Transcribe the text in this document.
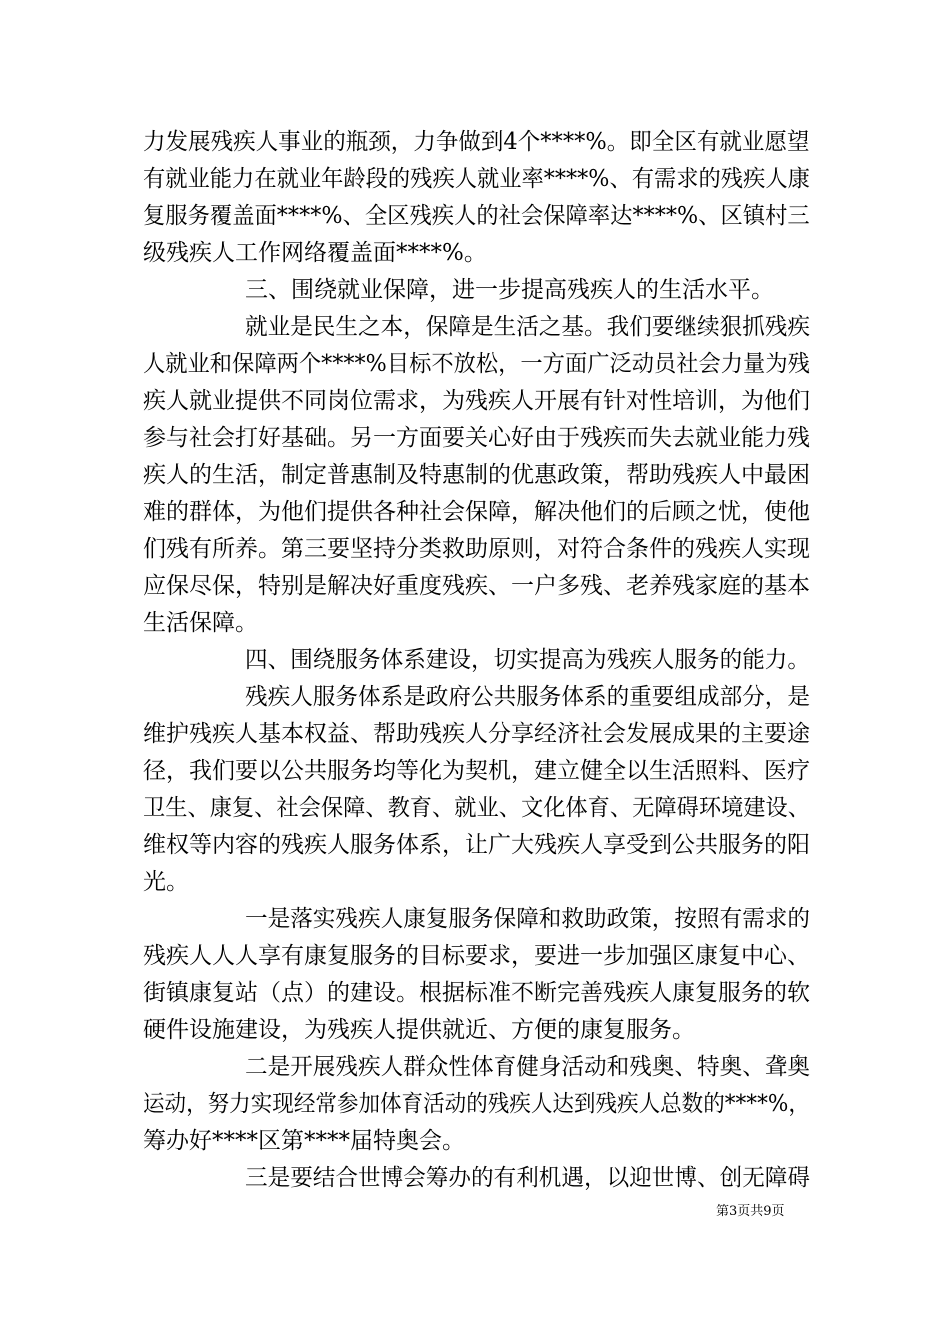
力发展残疾人事业的瓶颈，力争做到4个****%。即全区有就业愿望
有就业能力在就业年龄段的残疾人就业率****%、有需求的残疾人康
复服务覆盖面****%、全区残疾人的社会保障率达****%、区镇村三
级残疾人工作网络覆盖面****%。
三、围绕就业保障，进一步提高残疾人的生活水平。
就业是民生之本，保障是生活之基。我们要继续狠抓残疾
人就业和保障两个****%目标不放松，一方面广泛动员社会力量为残
疾人就业提供不同岗位需求，为残疾人开展有针对性培训，为他们
参与社会打好基础。另一方面要关心好由于残疾而失去就业能力残
疾人的生活，制定普惠制及特惠制的优惠政策，帮助残疾人中最困
难的群体，为他们提供各种社会保障，解决他们的后顾之忧，使他
们残有所养。第三要坚持分类救助原则，对符合条件的残疾人实现
应保尽保，特别是解决好重度残疾、一户多残、老养残家庭的基本
生活保障。
四、围绕服务体系建设，切实提高为残疾人服务的能力。
残疾人服务体系是政府公共服务体系的重要组成部分，是
维护残疾人基本权益、帮助残疾人分享经济社会发展成果的主要途
径，我们要以公共服务均等化为契机，建立健全以生活照料、医疗
卫生、康复、社会保障、教育、就业、文化体育、无障碍环境建设、
维权等内容的残疾人服务体系，让广大残疾人享受到公共服务的阳
光。
一是落实残疾人康复服务保障和救助政策，按照有需求的
残疾人人人享有康复服务的目标要求，要进一步加强区康复中心、
街镇康复站（点）的建设。根据标准不断完善残疾人康复服务的软
硬件设施建设，为残疾人提供就近、方便的康复服务。
二是开展残疾人群众性体育健身活动和残奥、特奥、聋奥
运动，努力实现经常参加体育活动的残疾人达到残疾人总数的****%，
筹办好****区第****届特奥会。
三是要结合世博会筹办的有利机遇，以迎世博、创无障碍
第3页共9页
